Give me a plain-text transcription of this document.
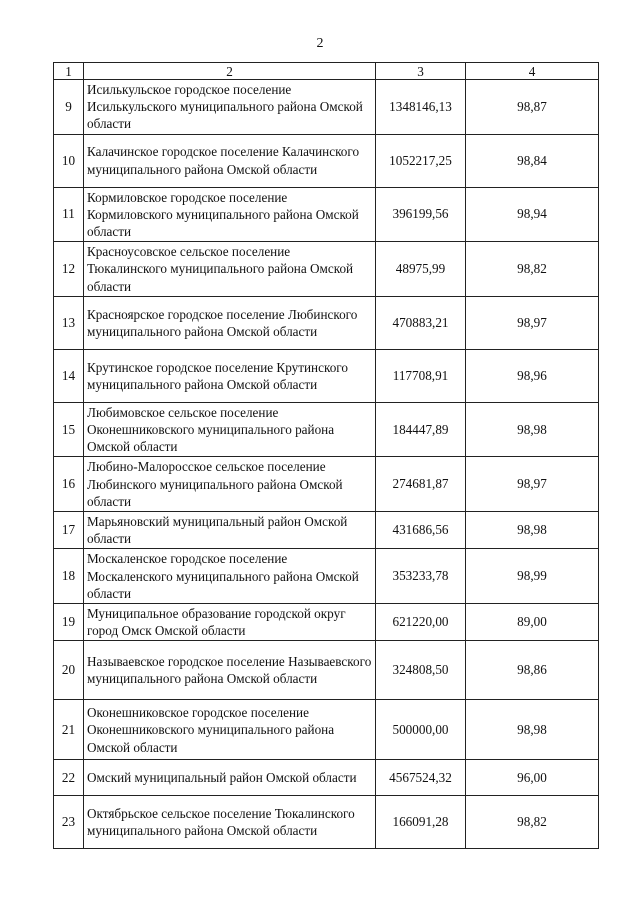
2
1	2	3	4
9	Исилькульское городское поселение Исилькульского муниципального района Омской области	1348146,13	98,87
10	Калачинское городское поселение Калачинского муниципального района Омской области	1052217,25	98,84
11	Кормиловское городское поселение Кормиловского муниципального района Омской области	396199,56	98,94
12	Красноусовское сельское поселение Тюкалинского муниципального района Омской области	48975,99	98,82
13	Красноярское городское поселение Любинского муниципального района Омской области	470883,21	98,97
14	Крутинское городское поселение Крутинского муниципального района Омской области	117708,91	98,96
15	Любимовское сельское поселение Оконешниковского муниципального района Омской области	184447,89	98,98
16	Любино-Малоросское сельское поселение Любинского муниципального района Омской области	274681,87	98,97
17	Марьяновский муниципальный район Омской области	431686,56	98,98
18	Москаленское городское поселение Москаленского муниципального района Омской области	353233,78	98,99
19	Муниципальное образование городской округ город Омск Омской области	621220,00	89,00
20	Называевское городское поселение Называевского муниципального района Омской области	324808,50	98,86
21	Оконешниковское городское поселение Оконешниковского муниципального района Омской области	500000,00	98,98
22	Омский муниципальный район Омской области	4567524,32	96,00
23	Октябрьское сельское поселение Тюкалинского муниципального района Омской области	166091,28	98,82
